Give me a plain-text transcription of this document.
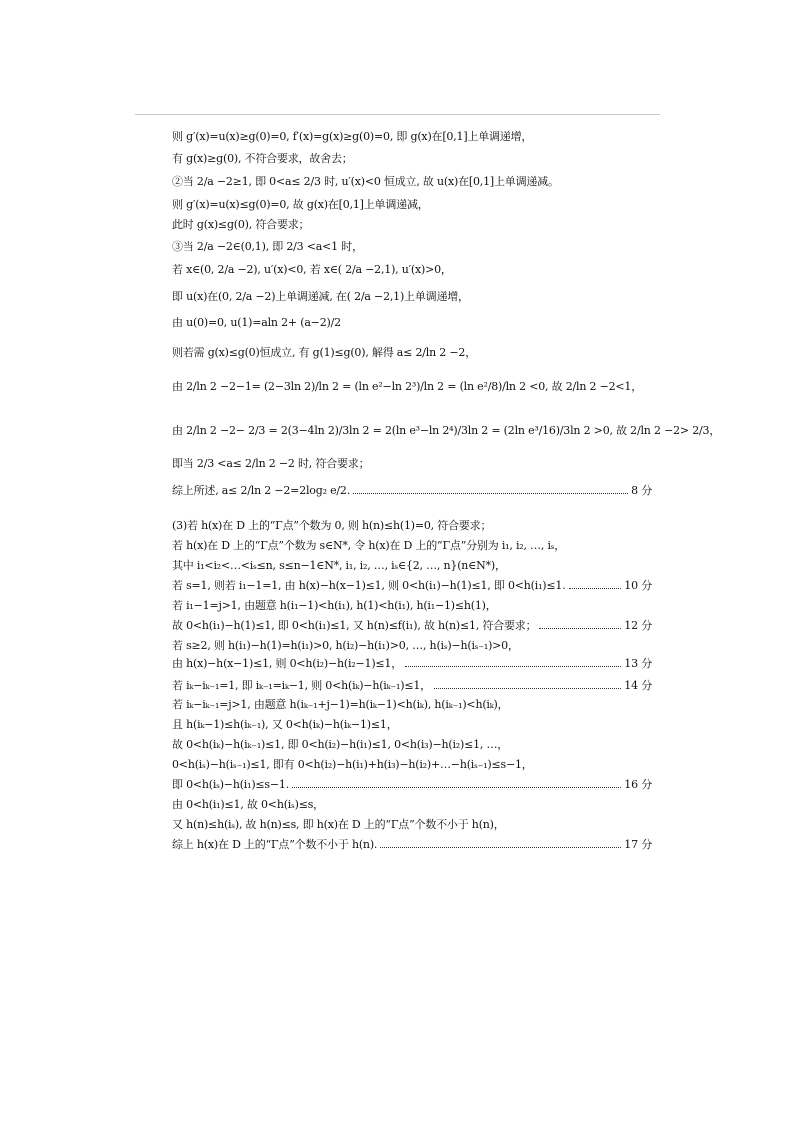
则 g′(x)=u(x)≥g(0)=0, f′(x)=g(x)≥g(0)=0, 即 g(x)在[0,1]上单调递增，
有 g(x)≥g(0), 不符合要求，故舍去；
②当 2/a −2≥1, 即 0<a≤ 2/3 时, u′(x)<0 恒成立, 故 u(x)在[0,1]上单调递减。
则 g′(x)=u(x)≤g(0)=0, 故 g(x)在[0,1]上单调递减，
此时 g(x)≤g(0), 符合要求；
③当 2/a −2∈(0,1), 即 2/3 <a<1 时，
若 x∈(0, 2/a −2), u′(x)<0, 若 x∈( 2/a −2,1), u′(x)>0，
即 u(x)在(0, 2/a −2)上单调递减, 在( 2/a −2,1)上单调递增，
由 u(0)=0, u(1)=aln 2+ (a−2)/2
则若需 g(x)≤g(0)恒成立, 有 g(1)≤g(0), 解得 a≤ 2/ln 2 −2，
由 2/ln 2 −2−1= (2−3ln 2)/ln 2 = (ln e²−ln 2³)/ln 2 = (ln e²/8)/ln 2 <0, 故 2/ln 2 −2<1，
由 2/ln 2 −2− 2/3 = 2(3−4ln 2)/3ln 2 = 2(ln e³−ln 2⁴)/3ln 2 = (2ln e³/16)/3ln 2 >0, 故 2/ln 2 −2> 2/3，
即当 2/3 <a≤ 2/ln 2 −2 时, 符合要求；
综上所述, a≤ 2/ln 2 −2=2log₂ e/2.	8 分
(3)若 h(x)在 D 上的“Γ点”个数为 0, 则 h(n)≤h(1)=0, 符合要求；
若 h(x)在 D 上的“Γ点”个数为 s∈N*, 令 h(x)在 D 上的“Γ点”分别为 i₁, i₂, …, iₛ，
其中 i₁<i₂<…<iₛ≤n, s≤n−1∈N*, i₁, i₂, …, iₛ∈{2, …, n}(n∈N*)，
若 s=1, 则若 i₁−1=1, 由 h(x)−h(x−1)≤1, 则 0<h(i₁)−h(1)≤1, 即 0<h(i₁)≤1.	10 分
若 i₁−1=j>1, 由题意 h(i₁−1)<h(i₁), h(1)<h(i₁), h(i₁−1)≤h(1)，
故 0<h(i₁)−h(1)≤1, 即 0<h(i₁)≤1, 又 h(n)≤f(i₁), 故 h(n)≤1, 符合要求；	12 分
若 s≥2, 则 h(i₁)−h(1)=h(i₁)>0, h(i₂)−h(i₁)>0, …, h(iₛ)−h(iₛ₋₁)>0，
由 h(x)−h(x−1)≤1, 则 0<h(i₂)−h(i₂−1)≤1，	13 分
若 iₖ−iₖ₋₁=1, 即 iₖ₋₁=iₖ−1, 则 0<h(iₖ)−h(iₖ₋₁)≤1，	14 分
若 iₖ−iₖ₋₁=j>1, 由题意 h(iₖ₋₁+j−1)=h(iₖ−1)<h(iₖ), h(iₖ₋₁)<h(iₖ)，
且 h(iₖ−1)≤h(iₖ₋₁), 又 0<h(iₖ)−h(iₖ−1)≤1，
故 0<h(iₖ)−h(iₖ₋₁)≤1, 即 0<h(i₂)−h(i₁)≤1, 0<h(i₃)−h(i₂)≤1, …，
0<h(iₛ)−h(iₛ₋₁)≤1, 即有 0<h(i₂)−h(i₁)+h(i₃)−h(i₂)+…−h(iₛ₋₁)≤s−1，
即 0<h(iₛ)−h(i₁)≤s−1.	16 分
由 0<h(i₁)≤1, 故 0<h(iₛ)≤s，
又 h(n)≤h(iₛ), 故 h(n)≤s, 即 h(x)在 D 上的“Γ点”个数不小于 h(n)，
综上 h(x)在 D 上的“Γ点”个数不小于 h(n).	17 分
